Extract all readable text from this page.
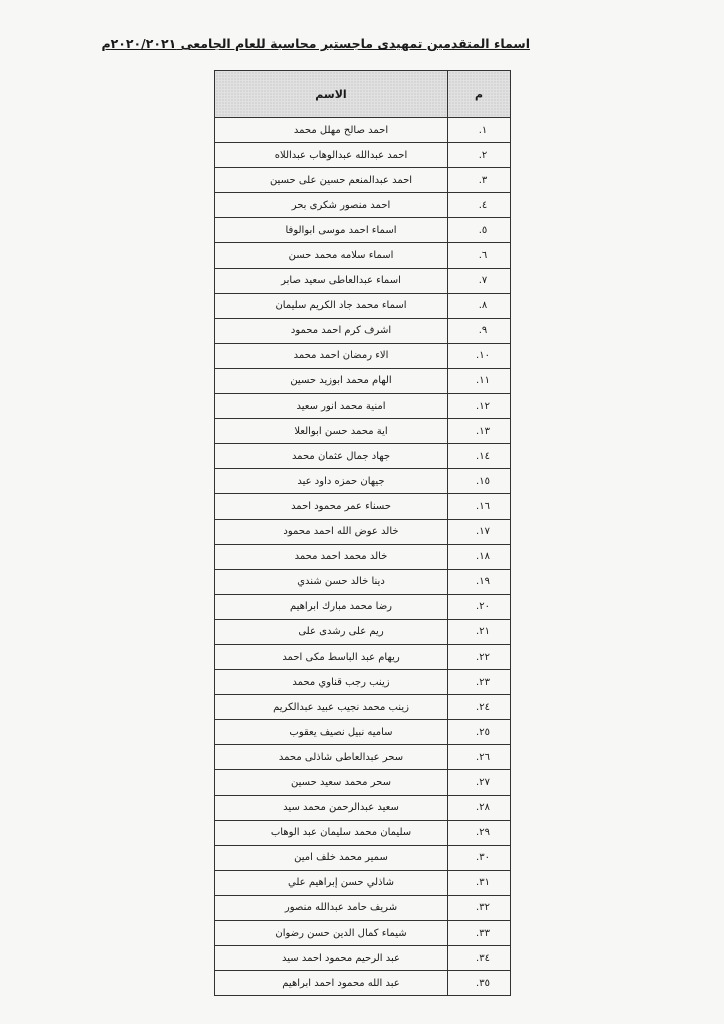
اسماء المتقدمين تمهيدى ماجستير محاسبة للعام الجامعى ٢٠٢٠/٢٠٢١م
م	الاسم
١.	احمد صالح مهلل محمد
٢.	احمد عبدالله عبدالوهاب عبداللاه
٣.	احمد عبدالمنعم حسين على حسين
٤.	احمد منصور شكرى بحر
٥.	اسماء احمد موسى ابوالوفا
٦.	اسماء سلامه محمد حسن
٧.	اسماء عبدالعاطى سعيد صابر
٨.	اسماء محمد جاد الكريم سليمان
٩.	اشرف كرم احمد محمود
١٠.	الاء رمضان احمد محمد
١١.	الهام محمد ابوزيد حسين
١٢.	امنية محمد انور سعيد
١٣.	اية محمد حسن ابوالعلا
١٤.	جهاد جمال عثمان محمد
١٥.	جيهان حمزه داود عيد
١٦.	حسناء عمر محمود احمد
١٧.	خالد عوض الله احمد محمود
١٨.	خالد محمد احمد محمد
١٩.	دينا خالد حسن شندي
٢٠.	رضا محمد مبارك ابراهيم
٢١.	ريم على رشدى على
٢٢.	ريهام عبد الباسط مكى احمد
٢٣.	زينب رجب قناوي محمد
٢٤.	زينب محمد نجيب عبيد عبدالكريم
٢٥.	ساميه نبيل نصيف يعقوب
٢٦.	سحر عبدالعاطى شاذلى محمد
٢٧.	سحر محمد سعيد حسين
٢٨.	سعيد عبدالرحمن محمد سيد
٢٩.	سليمان محمد سليمان عبد الوهاب
٣٠.	سمير محمد خلف امين
٣١.	شاذلي حسن إبراهيم علي
٣٢.	شريف حامد عبدالله منصور
٣٣.	شيماء كمال الدين حسن رضوان
٣٤.	عبد الرحيم محمود احمد سيد
٣٥.	عبد الله محمود احمد ابراهيم
